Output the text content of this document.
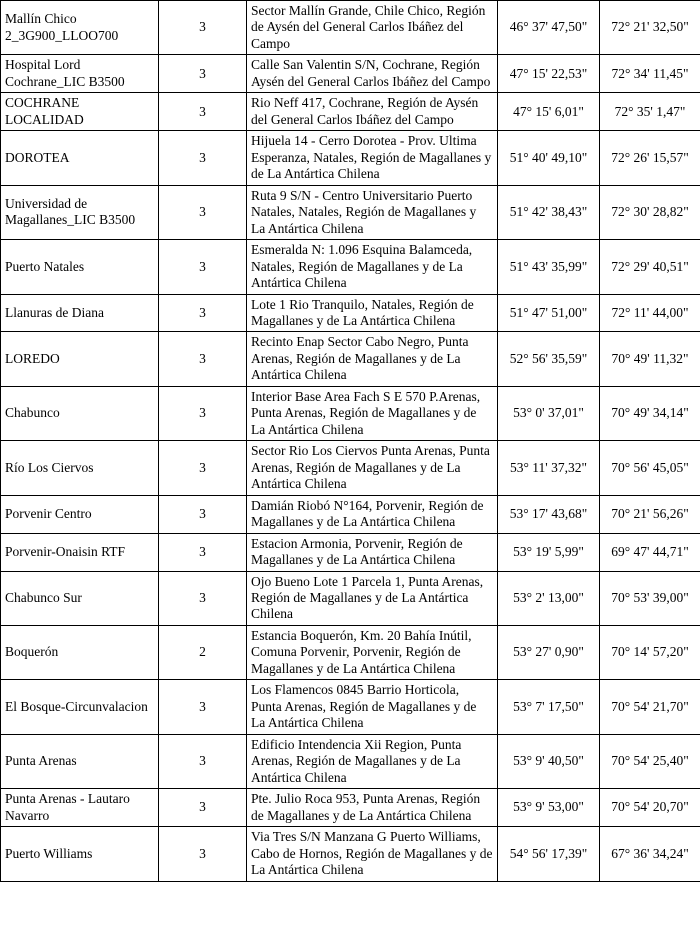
Mallín Chico 2_3G900_LLOO700	3	Sector Mallín Grande, Chile Chico, Región de Aysén del General Carlos Ibáñez del Campo	46° 37' 47,50"	72° 21' 32,50"
Hospital Lord Cochrane_LIC B3500	3	Calle San Valentin S/N, Cochrane, Región Aysén del General Carlos Ibáñez del Campo	47° 15' 22,53"	72° 34' 11,45"
COCHRANE LOCALIDAD	3	Rio Neff 417, Cochrane, Región de Aysén del General Carlos Ibáñez del Campo	47° 15' 6,01"	72° 35' 1,47"
DOROTEA	3	Hijuela 14 - Cerro Dorotea - Prov. Ultima Esperanza, Natales, Región de Magallanes y de La Antártica Chilena	51° 40' 49,10"	72° 26' 15,57"
Universidad de Magallanes_LIC B3500	3	Ruta 9 S/N - Centro Universitario Puerto Natales, Natales, Región de Magallanes y La Antártica Chilena	51° 42' 38,43"	72° 30' 28,82"
Puerto Natales	3	Esmeralda N: 1.096 Esquina Balamceda, Natales, Región de Magallanes y de La Antártica Chilena	51° 43' 35,99"	72° 29' 40,51"
Llanuras de Diana	3	Lote 1 Rio Tranquilo, Natales, Región de Magallanes y de La Antártica Chilena	51° 47' 51,00"	72° 11' 44,00"
LOREDO	3	Recinto Enap Sector Cabo Negro, Punta Arenas, Región de Magallanes y de La Antártica Chilena	52° 56' 35,59"	70° 49' 11,32"
Chabunco	3	Interior Base Area Fach S E 570 P.Arenas, Punta Arenas, Región de Magallanes y de La Antártica Chilena	53° 0' 37,01"	70° 49' 34,14"
Río Los Ciervos	3	Sector Rio Los Ciervos Punta Arenas, Punta Arenas, Región de Magallanes y de La Antártica Chilena	53° 11' 37,32"	70° 56' 45,05"
Porvenir Centro	3	Damián Riobó N°164, Porvenir, Región de Magallanes y de La Antártica Chilena	53° 17' 43,68"	70° 21' 56,26"
Porvenir-Onaisin RTF	3	Estacion Armonia, Porvenir, Región de Magallanes y de La Antártica Chilena	53° 19' 5,99"	69° 47' 44,71"
Chabunco Sur	3	Ojo Bueno Lote 1 Parcela 1, Punta Arenas, Región de Magallanes y de La Antártica Chilena	53° 2' 13,00"	70° 53' 39,00"
Boquerón	2	Estancia Boquerón, Km. 20 Bahía Inútil, Comuna Porvenir, Porvenir, Región de Magallanes y de La Antártica Chilena	53° 27' 0,90"	70° 14' 57,20"
El Bosque-Circunvalacion	3	Los Flamencos 0845 Barrio Horticola, Punta Arenas, Región de Magallanes y de La Antártica Chilena	53° 7' 17,50"	70° 54' 21,70"
Punta Arenas	3	Edificio Intendencia Xii Region, Punta Arenas, Región de Magallanes y de La Antártica Chilena	53° 9' 40,50"	70° 54' 25,40"
Punta Arenas - Lautaro Navarro	3	Pte. Julio Roca 953, Punta Arenas, Región de Magallanes y de La Antártica Chilena	53° 9' 53,00"	70° 54' 20,70"
Puerto Williams	3	Via Tres S/N Manzana G Puerto Williams, Cabo de Hornos, Región de Magallanes y de La Antártica Chilena	54° 56' 17,39"	67° 36' 34,24"
